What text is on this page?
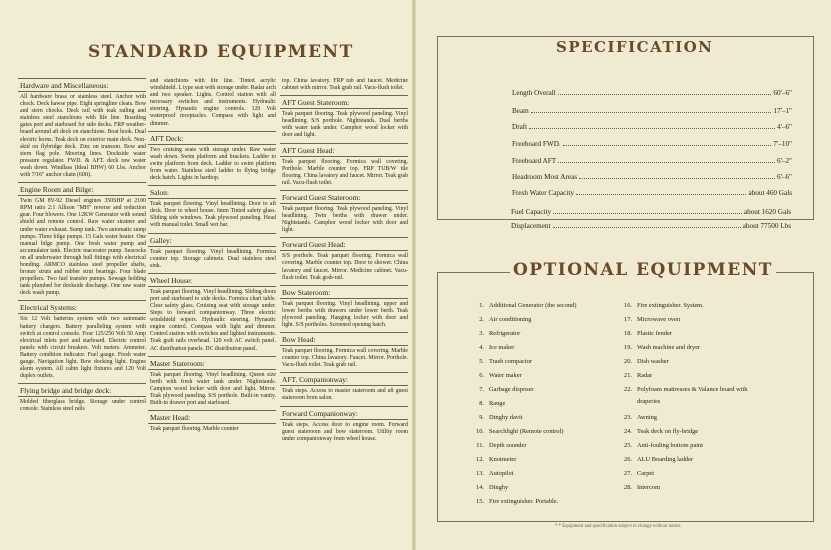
STANDARD EQUIPMENT
Hardware and Miscellaneous:
All hardware brass or stainless steel. Anchor with chock. Deck hawse pipe. Eight springline cleats. Bow and stern chocks. Deck rail with teak railing and stainless steel stanchions with life line. Boarding gates port and starboard for side decks. FRP weather-board around aft deck on stanchions. Boat hook. Dual electric horns. Teak deck on exterior main deck. Non-skid on flybridge deck. Zinc on transom. Bow and stern flag pole. Mooring lines. Dockside water pressure regulator. FWD. & AFT. deck raw water wash down. Windlass (Ideal BHW) 60 Lbs. Anchor with 7/16" anchor chain (60ft).
Engine Room and Bilge:
Twin GM 8V-92 Diesel engines 350SHP at 2100 RPM ratio 2:1 Allison "MH" reverse and reduction gear. Four blowers. One 12KW Generator with sound shield and remote control. Raw water strainer and under water exhaust. Sump tank. Two automatic sump pumps. Three bilge pumps. 15 Gals water heater. One manual bilge pump. One fresh water pump and accumulator tank. Electric macerator pump. Seacocks on all underwater through hull fittings with electrical bonding. ARMCO stainless steel propeller shafts, bronze struts and rubber strut bearings. Four blade propellers. Two fuel transfer pumps. Sewage holding tank plumbed for dockside discharge. One raw water deck wash pump.
Electrical Systems:
Six 12 Volt batteries system with two automatic battery chargers. Battery paralleling system with switch at control console. Four 125/250 Volt 50 Amp electrical inlets port and starboard. Electric control panels with circuit breakers. Volt meters. Ammeter. Battery condition indicator. Fuel gauge. Fresh water gauge. Navigation light. Bow docking light. Engine alarm system. All cabin light fixtures and 120 Volt duplex outlets.
Flying bridge and bridge deck:
Molded fiberglass bridge. Storage under control console. Stainless steel rails
and stanchions with life line. Tinted acrylic windshield. L type seat with storage under. Radar arch and two speaker. Lights. Control station with all necessary switches and instruments. Hydraulic steering. Hynautic engine controls. 120 Volt waterproof receptacles. Compass with light and dimmer.
AFT Deck:
Two cruising seats with storage under. Raw water wash down. Swim platform and brackets. Ladder to swim platform from deck. Ladder to swim platform from water. Stainless steel ladder to flying bridge deck hatch. Lights in hardtop.
Salon:
Teak parquet flooring. Vinyl headlining. Door to aft deck. Door to wheel house. 6mm Tinted safety glass. Sliding side windows. Teak plywood paneling. Head with manual toilet. Small wet bar.
Galley:
Teak parquet flooring. Vinyl headlining. Formica counter top. Storage cabinets. Dual stainless steel sink.
Wheel House:
Teak parquet flooring. Vinyl headlining. Sliding doors port and starboard to side decks. Formica chart table. Clear safety glass. Cruising seat with storage under. Steps to forward companionway. Three electric windshield wipers. Hydraulic steering. Hynautic engine control. Compass with light and dimmer. Control station with switches and lighted instruments. Teak grab rails overhead. 120 volt AC switch panel. AC distribution panels. DC distribution panel.
Master Stateroom:
Teak parquet flooring. Vinyl headlining. Queen size berth with fresh water tank under. Nightstands. Campion wood locker with door and light. Mirror. Teak plywood paneling. S/S porthole. Built-in vanity. Built-in drawer port and starboard.
Master Head:
Teak parquet flooring. Marble counter
top. China lavatory. FRP tub and faucet. Medicine cabinet with mirror. Teak grab rail. Vacu-flush toilet.
AFT Guest Stateroom:
Teak parquet flooring. Teak plywood paneling. Vinyl headlining. S/S porthole. Nightstands. Dual berths with water tank under. Camphor wood locker with door and light.
AFT Guest Head:
Teak parquet flooring. Formica wall covering. Porthole. Marble counter top. FRP TUB/W tile flooring. China lavatory and faucet. Mirror. Teak grab rail. Vacu-flush toilet.
Forward Guest Stateroom:
Teak parquet flooring. Teak plywood paneling. Vinyl headlining. Twin berths with drawer under. Nightstands. Camphor wood locker with door and light.
Forward Guest Head:
S/S porthole. Teak parquet flooring. Formica wall covering. Marble counter top. Door to shower. China lavatory and faucet. Mirror. Medicine cabinet. Vacu-flush toilet. Teak grab-rail.
Bow Stateroom:
Teak parquet flooring. Vinyl headlining. upper and lower berths with drawers under lower berth. Teak plywood paneling. Hanging locker with door and light. S/S portholes. Screened opening hatch.
Bow Head:
Teak parquet flooring. Formica wall covering. Marble counter top. China lavatory. Faucet. Mirror. Porthole. Vacu-flush toilet. Teak grab rail.
AFT. Companionway:
Teak steps. Access to master stateroom and aft guest stateroom from salon.
Forward Companionway:
Teak steps. Access door to engine room. Forward guest stateroom and bow stateroom. Utility room under companionway from wheel house.
SPECIFICATION
Length Overall	60'–6"
Beam	17'–1"
Draft	4'–6"
Freeboard FWD.	7'–10"
Freeboard AFT	6'–2"
Headroom Most Areas	6'–6"
Fresh Water Capacity	about 460 Gals
Fuel Capacity	about 1620 Gals
Displacement	about 77500 Lbs
OPTIONAL EQUIPMENT
1. Additional Generator (the second)
2. Air conditioning
3. Refrigerator
4. Ice maker
5. Trash compactor
6. Water maker
7. Garbage disposer
8. Range
9. Dinghy davit
10. Searchlight (Remote control)
11. Depth sounder
12. Knotmeter
13. Autopilot
14. Dinghy
15. Fire extinguisher. Portable.
16. Fire extinguisher. System.
17. Microwave oven
18. Plastic fender
19. Wash machine and dryer
20. Dish washer
21. Radar
22. Polyfoam mattresses & Valance board with
draperies
23. Awning
24. Teak deck on fly-bridge
25. Anti-fouling bottom paint
26. ALU Boarding ladder
27. Carpet
28. Intercom
* * Equipment and specification subject to change without notice.
